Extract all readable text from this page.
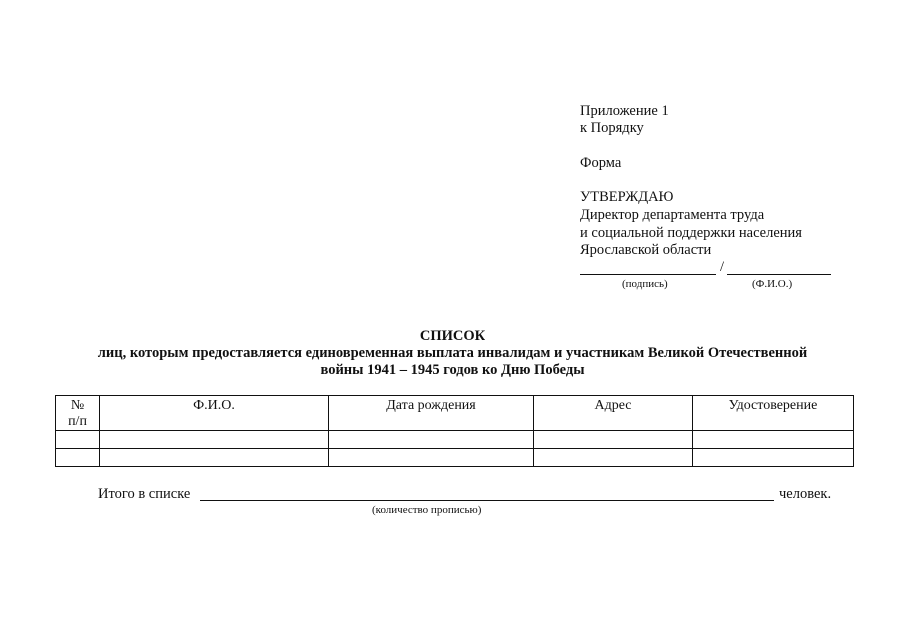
Приложение 1
к Порядку
Форма
УТВЕРЖДАЮ
Директор департамента труда
и социальной поддержки населения
Ярославской области
/
(подпись)	(Ф.И.О.)
СПИСОК
лиц, которым предоставляется единовременная выплата инвалидам и участникам Великой Отечественной
войны 1941 – 1945 годов ко Дню Победы
№
п/п	Ф.И.О.	Дата рождения	Адрес	Удостоверение

Итого в списке	человек.
(количество прописью)
